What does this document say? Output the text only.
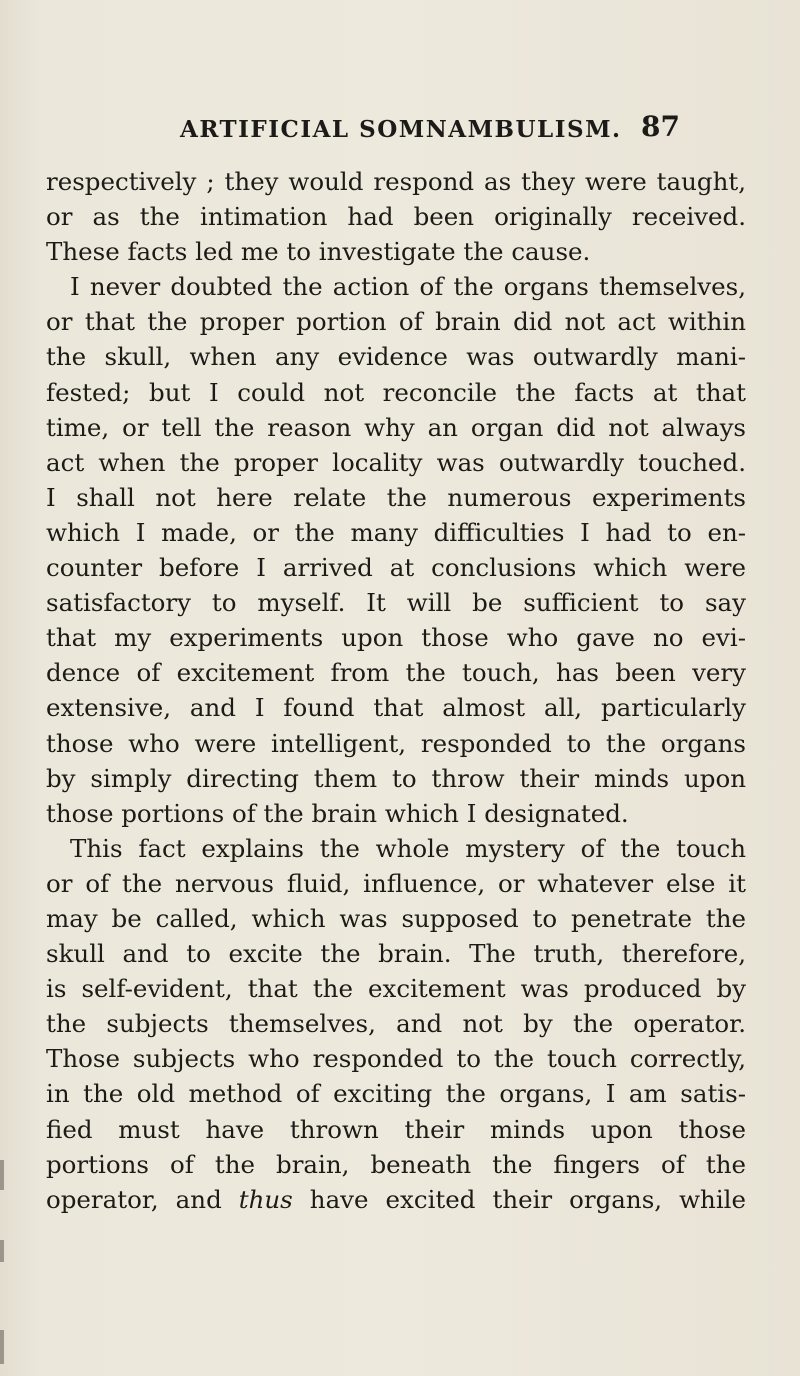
ARTIFICIAL SOMNAMBULISM. 87
respectively ; they would respond as they were taught,
or as the intimation had been originally received.
These facts led me to investigate the cause.
I never doubted the action of the organs themselves,
or that the proper portion of brain did not act within
the skull, when any evidence was outwardly mani-
fested; but I could not reconcile the facts at that
time, or tell the reason why an organ did not always
act when the proper locality was outwardly touched.
I shall not here relate the numerous experiments
which I made, or the many difficulties I had to en-
counter before I arrived at conclusions which were
satisfactory to myself. It will be sufficient to say
that my experiments upon those who gave no evi-
dence of excitement from the touch, has been very
extensive, and I found that almost all, particularly
those who were intelligent, responded to the organs
by simply directing them to throw their minds upon
those portions of the brain which I designated.
This fact explains the whole mystery of the touch
or of the nervous fluid, influence, or whatever else it
may be called, which was supposed to penetrate the
skull and to excite the brain. The truth, therefore,
is self-evident, that the excitement was produced by
the subjects themselves, and not by the operator.
Those subjects who responded to the touch correctly,
in the old method of exciting the organs, I am satis-
fied must have thrown their minds upon those
portions of the brain, beneath the fingers of the
operator, and thus have excited their organs, while
